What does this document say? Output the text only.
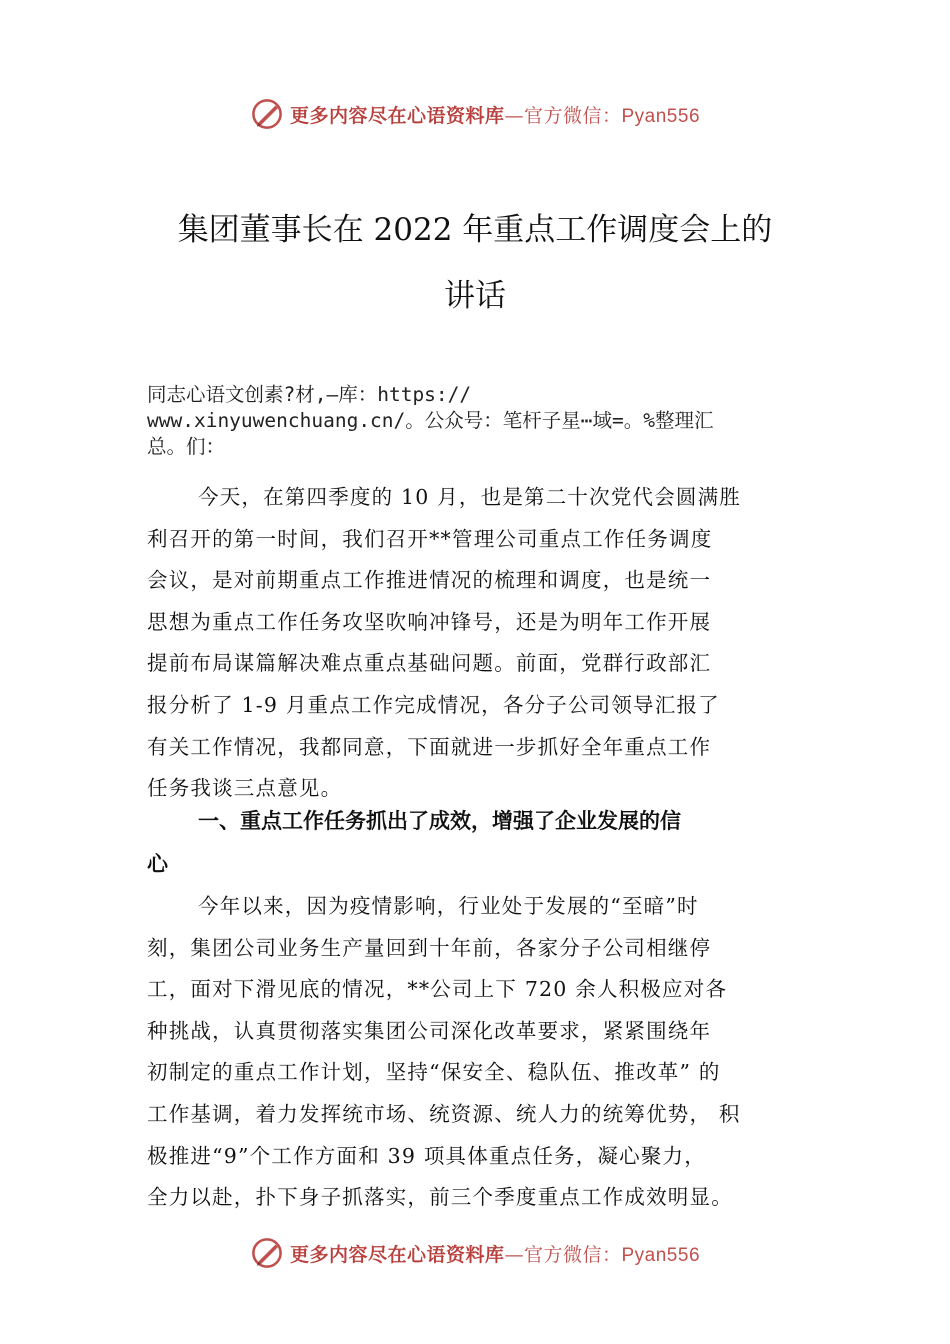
更多内容尽在心语资料库—官方微信：Pyan556
集团董事长在 2022 年重点工作调度会上的
讲话
同志心语文创素?材,—库：https://
www.xinyuwenchuang.cn/。公众号：笔杆子星⋯域=。%整理汇
总。们：
今天，在第四季度的 10 月，也是第二十次党代会圆满胜
利召开的第一时间，我们召开**管理公司重点工作任务调度
会议，是对前期重点工作推进情况的梳理和调度，也是统一
思想为重点工作任务攻坚吹响冲锋号，还是为明年工作开展
提前布局谋篇解决难点重点基础问题。前面，党群行政部汇
报分析了 1-9 月重点工作完成情况，各分子公司领导汇报了
有关工作情况，我都同意，下面就进一步抓好全年重点工作
任务我谈三点意见。
一、重点工作任务抓出了成效，增强了企业发展的信
心
今年以来，因为疫情影响，行业处于发展的“至暗”时
刻，集团公司业务生产量回到十年前，各家分子公司相继停
工，面对下滑见底的情况，**公司上下 720 余人积极应对各
种挑战，认真贯彻落实集团公司深化改革要求，紧紧围绕年
初制定的重点工作计划，坚持“保安全、稳队伍、推改革” 的
工作基调，着力发挥统市场、统资源、统人力的统筹优势， 积
极推进“9”个工作方面和 39 项具体重点任务，凝心聚力，
全力以赴，扑下身子抓落实，前三个季度重点工作成效明显。
更多内容尽在心语资料库—官方微信：Pyan556
